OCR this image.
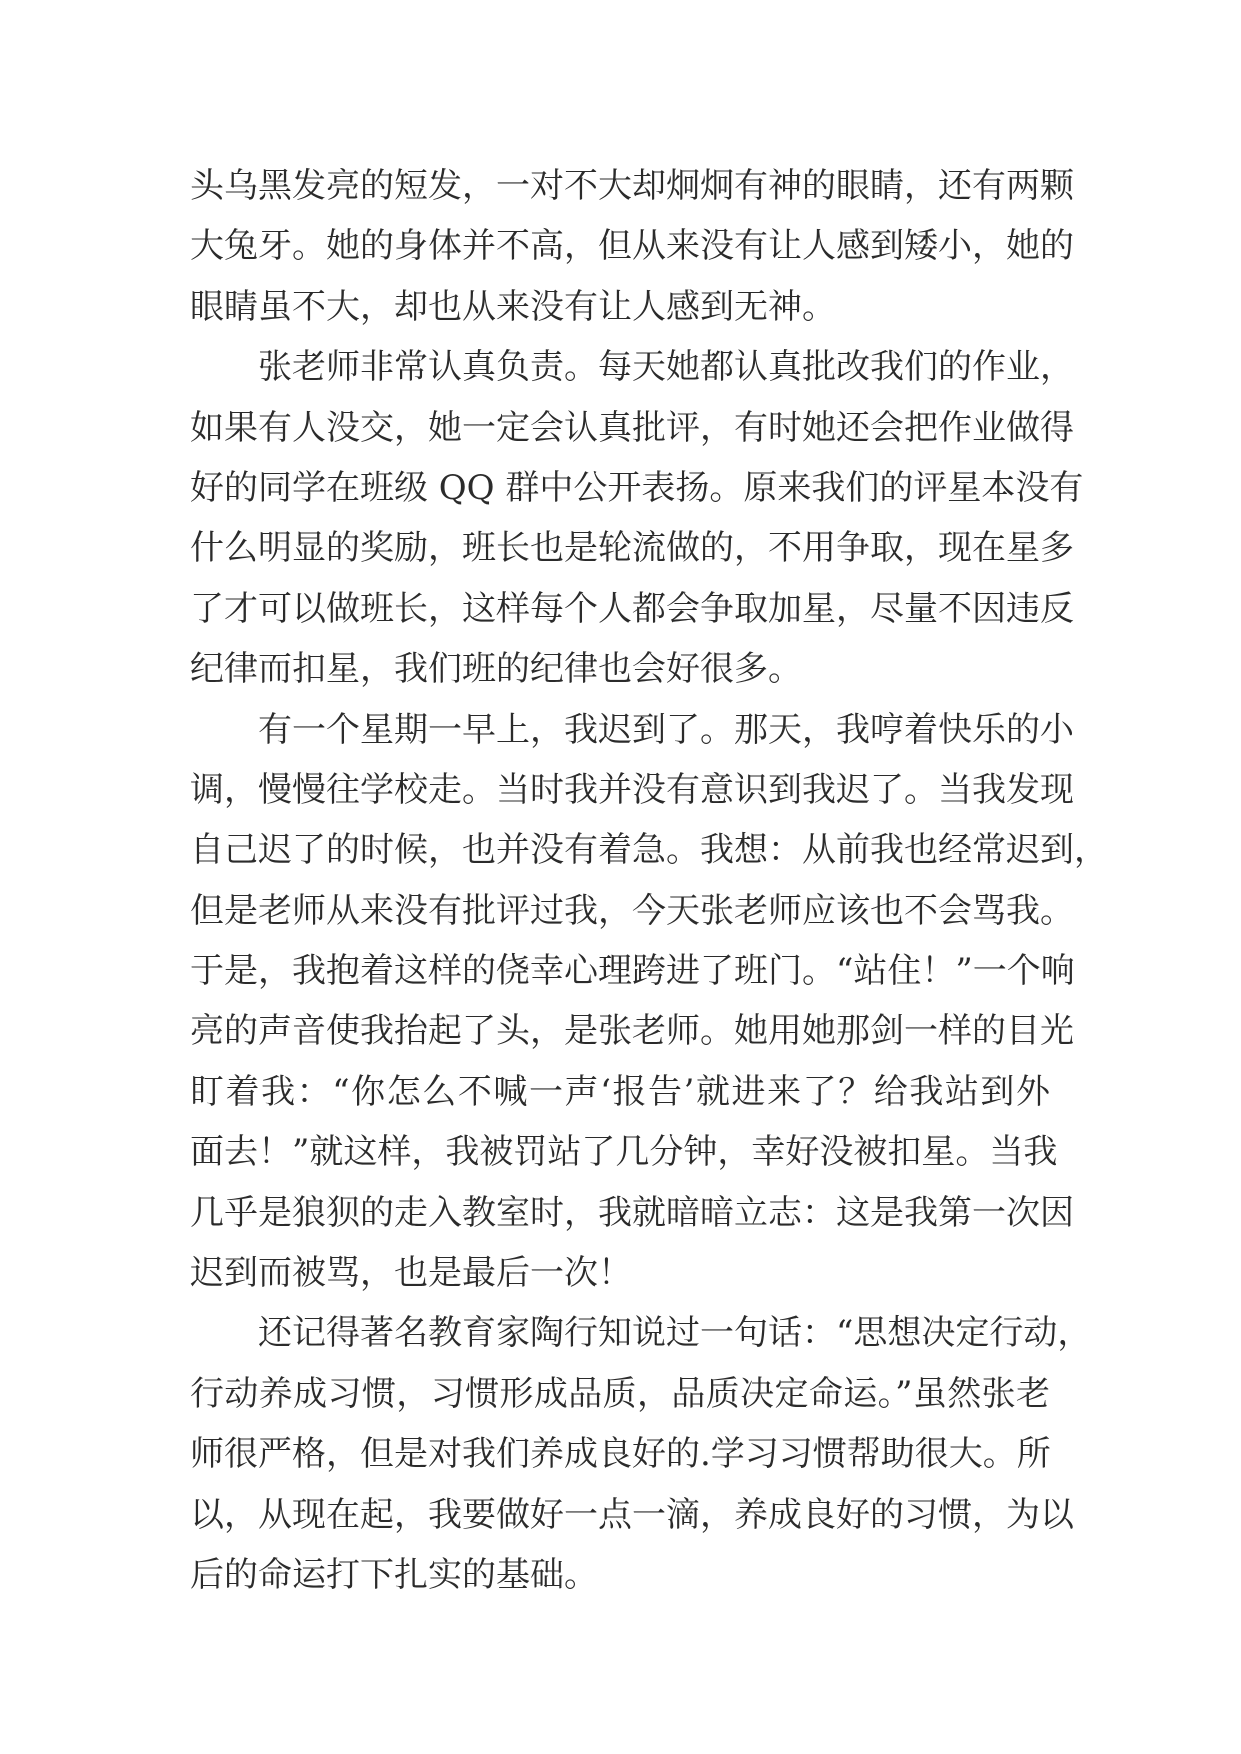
头乌黑发亮的短发，一对不大却炯炯有神的眼睛，还有两颗
大兔牙。她的身体并不高，但从来没有让人感到矮小，她的
眼睛虽不大，却也从来没有让人感到无神。
张老师非常认真负责。每天她都认真批改我们的作业，
如果有人没交，她一定会认真批评，有时她还会把作业做得
好的同学在班级 QQ 群中公开表扬。原来我们的评星本没有
什么明显的奖励，班长也是轮流做的，不用争取，现在星多
了才可以做班长，这样每个人都会争取加星，尽量不因违反
纪律而扣星，我们班的纪律也会好很多。
有一个星期一早上，我迟到了。那天，我哼着快乐的小
调，慢慢往学校走。当时我并没有意识到我迟了。当我发现
自己迟了的时候，也并没有着急。我想：从前我也经常迟到，
但是老师从来没有批评过我，今天张老师应该也不会骂我。
于是，我抱着这样的侥幸心理跨进了班门。“站住！”一个响
亮的声音使我抬起了头，是张老师。她用她那剑一样的目光
盯着我：“你怎么不喊一声‘报告’就进来了？给我站到外
面去！”就这样，我被罚站了几分钟，幸好没被扣星。当我
几乎是狼狈的走入教室时，我就暗暗立志：这是我第一次因
迟到而被骂，也是最后一次！
还记得著名教育家陶行知说过一句话：“思想决定行动，
行动养成习惯，习惯形成品质，品质决定命运。”虽然张老
师很严格，但是对我们养成良好的.学习习惯帮助很大。所
以，从现在起，我要做好一点一滴，养成良好的习惯，为以
后的命运打下扎实的基础。
